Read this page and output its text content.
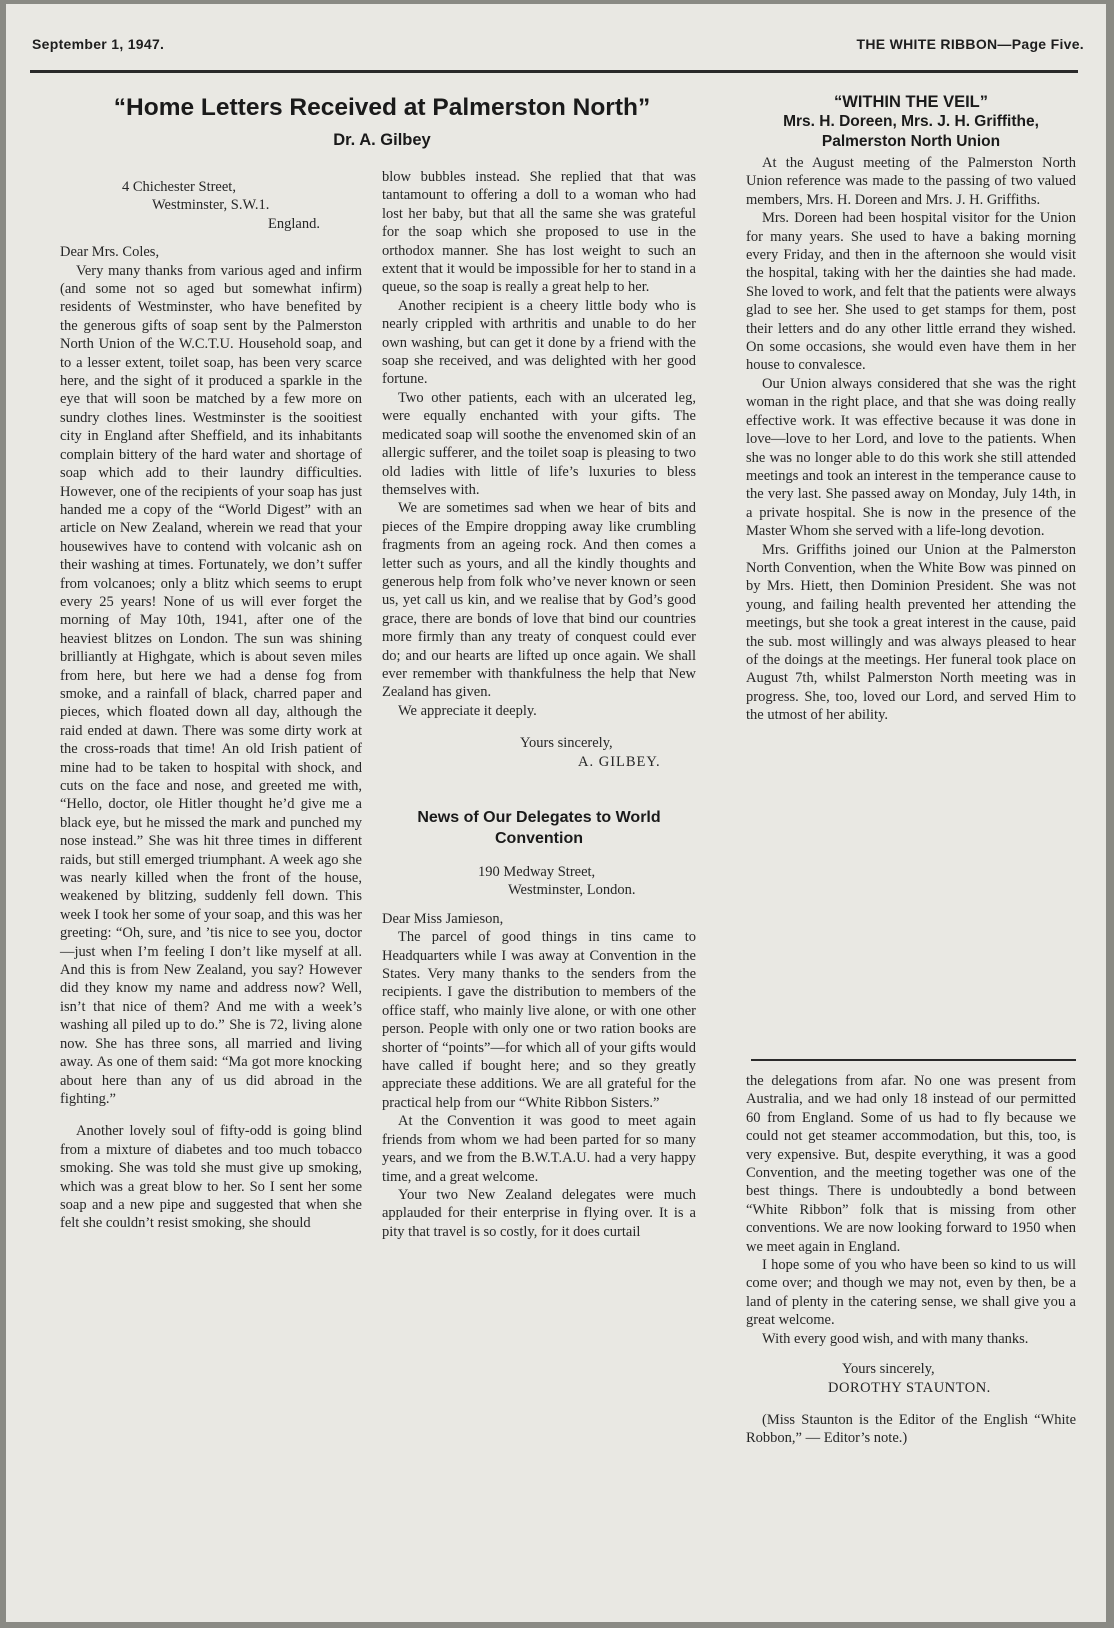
September 1, 1947.	THE WHITE RIBBON—Page Five.
“Home Letters Received at Palmerston North”
Dr. A. Gilbey
4 Chichester Street,
Westminster, S.W.1.
England.

Dear Mrs. Coles,

Very many thanks from various aged and infirm (and some not so aged but somewhat infirm) residents of Westminster, who have benefited by the generous gifts of soap sent by the Palmerston North Union of the W.C.T.U. Household soap, and to a lesser extent, toilet soap, has been very scarce here, and the sight of it produced a sparkle in the eye that will soon be matched by a few more on sundry clothes lines. Westminster is the sooitiest city in England after Sheffield, and its inhabitants complain bittery of the hard water and shortage of soap which add to their laundry difficulties. However, one of the recipients of your soap has just handed me a copy of the “World Digest” with an article on New Zealand, wherein we read that your housewives have to contend with volcanic ash on their washing at times. Fortunately, we don’t suffer from volcanoes; only a blitz which seems to erupt every 25 years! None of us will ever forget the morning of May 10th, 1941, after one of the heaviest blitzes on London. The sun was shining brilliantly at Highgate, which is about seven miles from here, but here we had a dense fog from smoke, and a rainfall of black, charred paper and pieces, which floated down all day, although the raid ended at dawn. There was some dirty work at the cross-roads that time! An old Irish patient of mine had to be taken to hospital with shock, and cuts on the face and nose, and greeted me with, “Hello, doctor, ole Hitler thought he’d give me a black eye, but he missed the mark and punched my nose instead.” She was hit three times in different raids, but still emerged triumphant. A week ago she was nearly killed when the front of the house, weakened by blitzing, suddenly fell down. This week I took her some of your soap, and this was her greeting: “Oh, sure, and ’tis nice to see you, doctor—just when I’m feeling I don’t like myself at all. And this is from New Zealand, you say? However did they know my name and address now? Well, isn’t that nice of them? And me with a week’s washing all piled up to do.” She is 72, living alone now. She has three sons, all married and living away. As one of them said: “Ma got more knocking about here than any of us did abroad in the fighting.”

Another lovely soul of fifty-odd is going blind from a mixture of diabetes and too much tobacco smoking. She was told she must give up smoking, which was a great blow to her. So I sent her some soap and a new pipe and suggested that when she felt she couldn’t resist smoking, she should

blow bubbles instead. She replied that that was tantamount to offering a doll to a woman who had lost her baby, but that all the same she was grateful for the soap which she proposed to use in the orthodox manner. She has lost weight to such an extent that it would be impossible for her to stand in a queue, so the soap is really a great help to her.

Another recipient is a cheery little body who is nearly crippled with arthritis and unable to do her own washing, but can get it done by a friend with the soap she received, and was delighted with her good fortune.

Two other patients, each with an ulcerated leg, were equally enchanted with your gifts. The medicated soap will soothe the envenomed skin of an allergic sufferer, and the toilet soap is pleasing to two old ladies with little of life’s luxuries to bless themselves with.

We are sometimes sad when we hear of bits and pieces of the Empire dropping away like crumbling fragments from an ageing rock. And then comes a letter such as yours, and all the kindly thoughts and generous help from folk who’ve never known or seen us, yet call us kin, and we realise that by God’s good grace, there are bonds of love that bind our countries more firmly than any treaty of conquest could ever do; and our hearts are lifted up once again. We shall ever remember with thankfulness the help that New Zealand has given.

We appreciate it deeply.

Yours sincerely,
A. GILBEY.
News of Our Delegates to World Convention
190 Medway Street,
Westminster, London.

Dear Miss Jamieson,

The parcel of good things in tins came to Headquarters while I was away at Convention in the States. Very many thanks to the senders from the recipients. I gave the distribution to members of the office staff, who mainly live alone, or with one other person. People with only one or two ration books are shorter of “points”—for which all of your gifts would have called if bought here; and so they greatly appreciate these additions. We are all grateful for the practical help from our “White Ribbon Sisters.”

At the Convention it was good to meet again friends from whom we had been parted for so many years, and we from the B.W.T.A.U. had a very happy time, and a great welcome.

Your two New Zealand delegates were much applauded for their enterprise in flying over. It is a pity that travel is so costly, for it does curtail

“WITHIN THE VEIL”
Mrs. H. Doreen, Mrs. J. H. Griffithe,
Palmerston North Union

At the August meeting of the Palmerston North Union reference was made to the passing of two valued members, Mrs. H. Doreen and Mrs. J. H. Griffiths.

Mrs. Doreen had been hospital visitor for the Union for many years. She used to have a baking morning every Friday, and then in the afternoon she would visit the hospital, taking with her the dainties she had made. She loved to work, and felt that the patients were always glad to see her. She used to get stamps for them, post their letters and do any other little errand they wished. On some occasions, she would even have them in her house to convalesce.

Our Union always considered that she was the right woman in the right place, and that she was doing really effective work. It was effective because it was done in love—love to her Lord, and love to the patients. When she was no longer able to do this work she still attended meetings and took an interest in the temperance cause to the very last. She passed away on Monday, July 14th, in a private hospital. She is now in the presence of the Master Whom she served with a life-long devotion.

Mrs. Griffiths joined our Union at the Palmerston North Convention, when the White Bow was pinned on by Mrs. Hiett, then Dominion President. She was not young, and failing health prevented her attending the meetings, but she took a great interest in the cause, paid the sub. most willingly and was always pleased to hear of the doings at the meetings. Her funeral took place on August 7th, whilst Palmerston North meeting was in progress. She, too, loved our Lord, and served Him to the utmost of her ability.

the delegations from afar. No one was present from Australia, and we had only 18 instead of our permitted 60 from England. Some of us had to fly because we could not get steamer accommodation, but this, too, is very expensive. But, despite everything, it was a good Convention, and the meeting together was one of the best things. There is undoubtedly a bond between “White Ribbon” folk that is missing from other conventions. We are now looking forward to 1950 when we meet again in England.

I hope some of you who have been so kind to us will come over; and though we may not, even by then, be a land of plenty in the catering sense, we shall give you a great welcome.

With every good wish, and with many thanks.

Yours sincerely,
DOROTHY STAUNTON.

(Miss Staunton is the Editor of the English “White Robbon,” — Editor’s note.)
